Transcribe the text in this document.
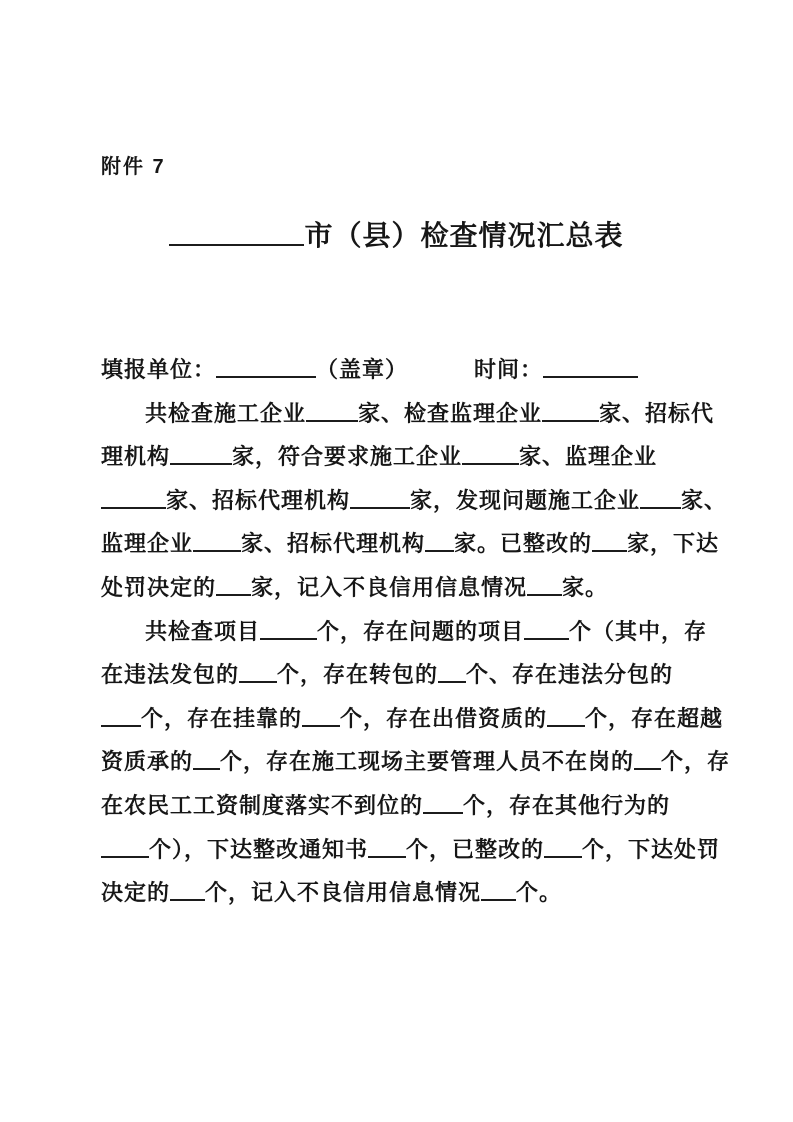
附件 7
市（县）检查情况汇总表
填报单位：	（盖章）	时间：
共检查施工企业 家、检查监理企业	家、招标代
理机构	家，符合要求施工企业	家、监理企业
家、招标代理机构	家，发现问题施工企业 家、
监理企业 家、招标代理机构 家。已整改的 家，下达
处罚决定的 家，记入不良信用信息情况 家。
共检查项目	个，存在问题的项目 个（其中，存
在违法发包的 个，存在转包的 个、存在违法分包的
个，存在挂靠的 个，存在出借资质的 个，存在超越
资质承的 个，存在施工现场主要管理人员不在岗的 个，存
在农民工工资制度落实不到位的 个，存在其他行为的
个），下达整改通知书 个，已整改的 个，下达处罚
决定的 个，记入不良信用信息情况 个。
